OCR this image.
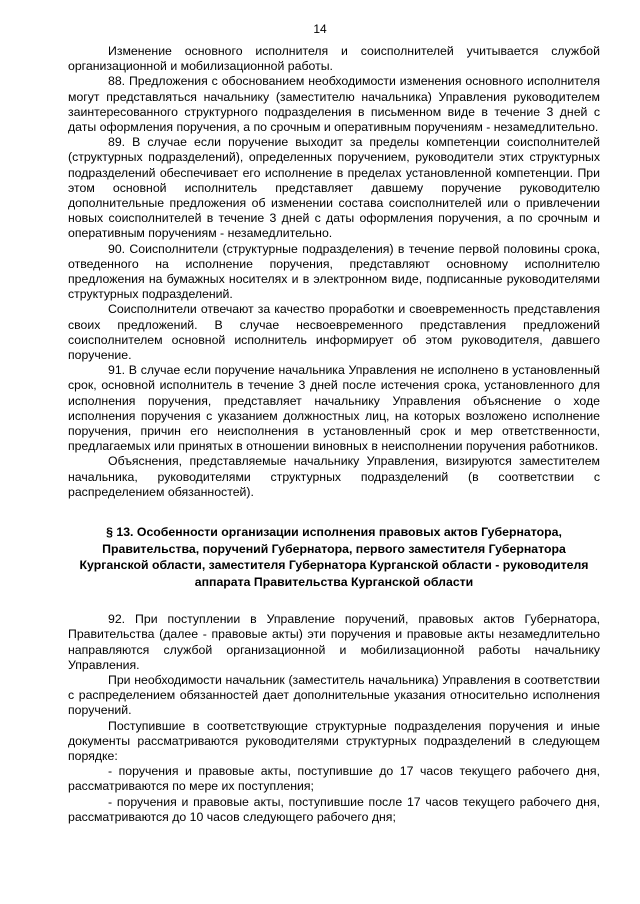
14

Изменение основного исполнителя и соисполнителей учитывается службой организационной и мобилизационной работы.

88. Предложения с обоснованием необходимости изменения основного исполнителя могут представляться начальнику (заместителю начальника) Управления руководителем заинтересованного структурного подразделения в письменном виде в течение 3 дней с даты оформления поручения, а по срочным и оперативным поручениям - незамедлительно.

89. В случае если поручение выходит за пределы компетенции соисполнителей (структурных подразделений), определенных поручением, руководители этих структурных подразделений обеспечивает его исполнение в пределах установленной компетенции. При этом основной исполнитель представляет давшему поручение руководителю дополнительные предложения об изменении состава соисполнителей или о привлечении новых соисполнителей в течение 3 дней с даты оформления поручения, а по срочным и оперативным поручениям - незамедлительно.

90. Соисполнители (структурные подразделения) в течение первой половины срока, отведенного на исполнение поручения, представляют основному исполнителю предложения на бумажных носителях и в электронном виде, подписанные руководителями структурных подразделений.

Соисполнители отвечают за качество проработки и своевременность представления своих предложений. В случае несвоевременного представления предложений соисполнителем основной исполнитель информирует об этом руководителя, давшего поручение.

91. В случае если поручение начальника Управления не исполнено в установленный срок, основной исполнитель в течение 3 дней после истечения срока, установленного для исполнения поручения, представляет начальнику Управления объяснение о ходе исполнения поручения с указанием должностных лиц, на которых возложено исполнение поручения, причин его неисполнения в установленный срок и мер ответственности, предлагаемых или принятых в отношении виновных в неисполнении поручения работников.

Объяснения, представляемые начальнику Управления, визируются заместителем начальника, руководителями структурных подразделений (в соответствии с распределением обязанностей).

§ 13. Особенности организации исполнения правовых актов Губернатора, Правительства, поручений Губернатора, первого заместителя Губернатора Курганской области, заместителя Губернатора Курганской области - руководителя аппарата Правительства Курганской области

92. При поступлении в Управление поручений, правовых актов Губернатора, Правительства (далее - правовые акты) эти поручения и правовые акты незамедлительно направляются службой организационной и мобилизационной работы начальнику Управления.

При необходимости начальник (заместитель начальника) Управления в соответствии с распределением обязанностей дает дополнительные указания относительно исполнения поручений.

Поступившие в соответствующие структурные подразделения поручения и иные документы рассматриваются руководителями структурных подразделений в следующем порядке:

- поручения и правовые акты, поступившие до 17 часов текущего рабочего дня, рассматриваются по мере их поступления;

- поручения и правовые акты, поступившие после 17 часов текущего рабочего дня, рассматриваются до 10 часов следующего рабочего дня;
